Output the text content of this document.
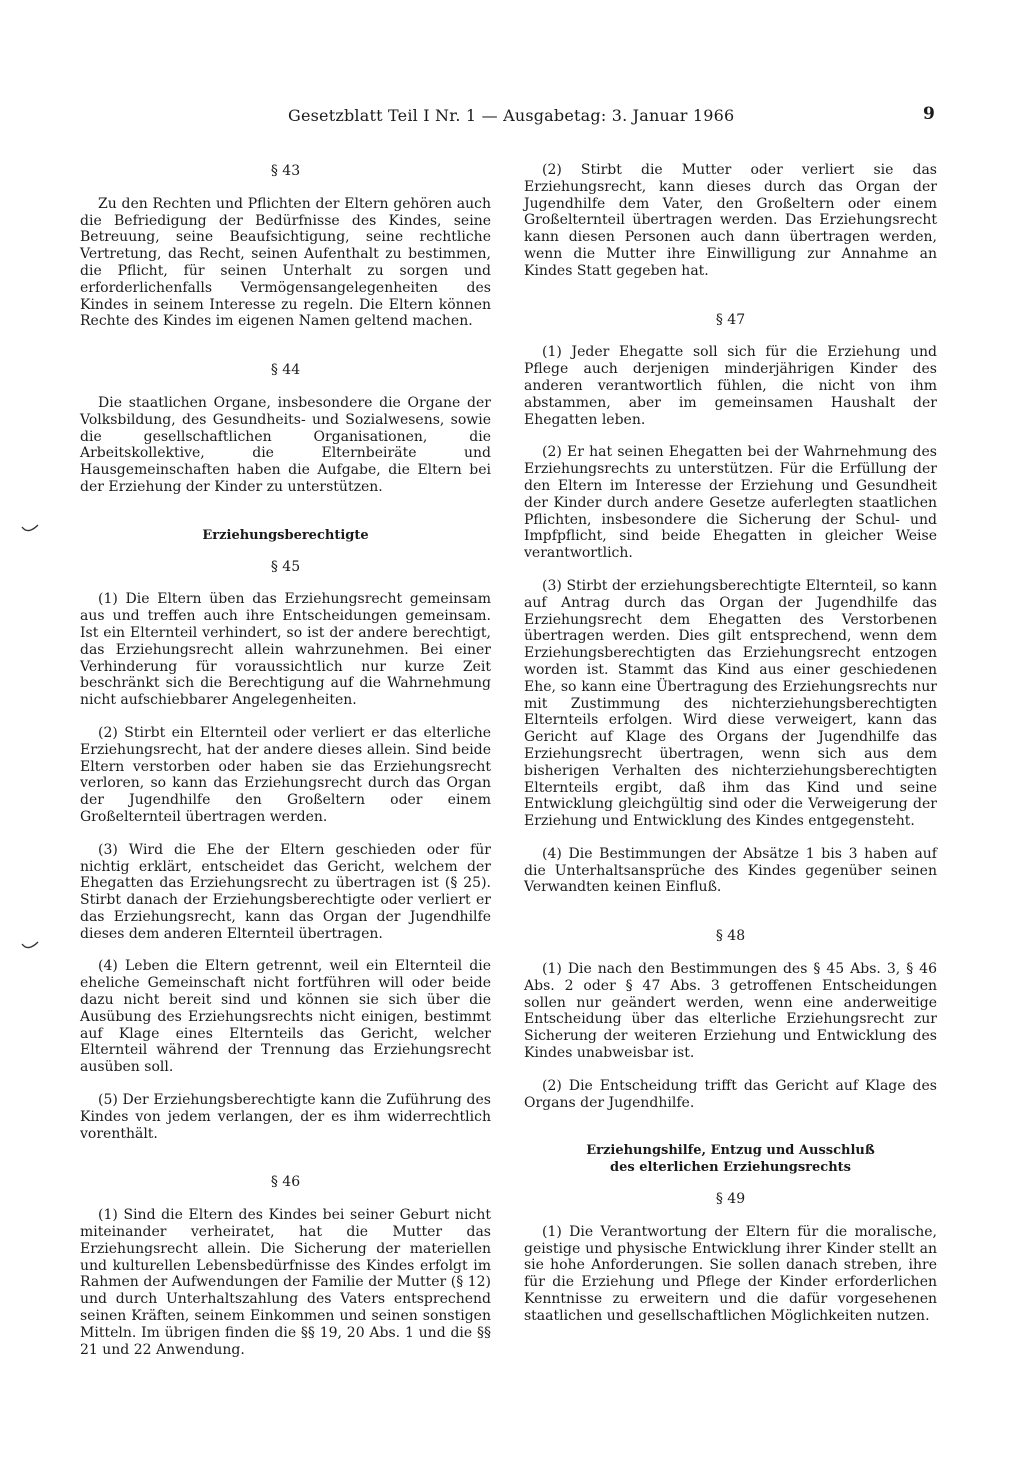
Gesetzblatt Teil I Nr. 1 — Ausgabetag: 3. Januar 1966	9
§ 43

Zu den Rechten und Pflichten der Eltern gehören auch die Befriedigung der Bedürfnisse des Kindes, seine Betreuung, seine Beaufsichtigung, seine rechtliche Vertretung, das Recht, seinen Aufenthalt zu bestimmen, die Pflicht, für seinen Unterhalt zu sorgen und erforderlichenfalls Vermögensangelegenheiten des Kindes in seinem Interesse zu regeln. Die Eltern können Rechte des Kindes im eigenen Namen geltend machen.

§ 44

Die staatlichen Organe, insbesondere die Organe der Volksbildung, des Gesundheits- und Sozialwesens, sowie die gesellschaftlichen Organisationen, die Arbeitskollektive, die Elternbeiräte und Hausgemeinschaften haben die Aufgabe, die Eltern bei der Erziehung der Kinder zu unterstützen.

Erziehungsberechtigte
§ 45

(1) Die Eltern üben das Erziehungsrecht gemeinsam aus und treffen auch ihre Entscheidungen gemeinsam. Ist ein Elternteil verhindert, so ist der andere berechtigt, das Erziehungsrecht allein wahrzunehmen. Bei einer Verhinderung für voraussichtlich nur kurze Zeit beschränkt sich die Berechtigung auf die Wahrnehmung nicht aufschiebbarer Angelegenheiten.

(2) Stirbt ein Elternteil oder verliert er das elterliche Erziehungsrecht, hat der andere dieses allein. Sind beide Eltern verstorben oder haben sie das Erziehungsrecht verloren, so kann das Erziehungsrecht durch das Organ der Jugendhilfe den Großeltern oder einem Großelternteil übertragen werden.

(3) Wird die Ehe der Eltern geschieden oder für nichtig erklärt, entscheidet das Gericht, welchem der Ehegatten das Erziehungsrecht zu übertragen ist (§ 25). Stirbt danach der Erziehungsberechtigte oder verliert er das Erziehungsrecht, kann das Organ der Jugendhilfe dieses dem anderen Elternteil übertragen.

(4) Leben die Eltern getrennt, weil ein Elternteil die eheliche Gemeinschaft nicht fortführen will oder beide dazu nicht bereit sind und können sie sich über die Ausübung des Erziehungsrechts nicht einigen, bestimmt auf Klage eines Elternteils das Gericht, welcher Elternteil während der Trennung das Erziehungsrecht ausüben soll.

(5) Der Erziehungsberechtigte kann die Zuführung des Kindes von jedem verlangen, der es ihm widerrechtlich vorenthält.

§ 46

(1) Sind die Eltern des Kindes bei seiner Geburt nicht miteinander verheiratet, hat die Mutter das Erziehungsrecht allein. Die Sicherung der materiellen und kulturellen Lebensbedürfnisse des Kindes erfolgt im Rahmen der Aufwendungen der Familie der Mutter (§ 12) und durch Unterhaltszahlung des Vaters entsprechend seinen Kräften, seinem Einkommen und seinen sonstigen Mitteln. Im übrigen finden die §§ 19, 20 Abs. 1 und die §§ 21 und 22 Anwendung.

(2) Stirbt die Mutter oder verliert sie das Erziehungsrecht, kann dieses durch das Organ der Jugendhilfe dem Vater, den Großeltern oder einem Großelternteil übertragen werden. Das Erziehungsrecht kann diesen Personen auch dann übertragen werden, wenn die Mutter ihre Einwilligung zur Annahme an Kindes Statt gegeben hat.

§ 47

(1) Jeder Ehegatte soll sich für die Erziehung und Pflege auch derjenigen minderjährigen Kinder des anderen verantwortlich fühlen, die nicht von ihm abstammen, aber im gemeinsamen Haushalt der Ehegatten leben.

(2) Er hat seinen Ehegatten bei der Wahrnehmung des Erziehungsrechts zu unterstützen. Für die Erfüllung der den Eltern im Interesse der Erziehung und Gesundheit der Kinder durch andere Gesetze auferlegten staatlichen Pflichten, insbesondere die Sicherung der Schul- und Impfpflicht, sind beide Ehegatten in gleicher Weise verantwortlich.

(3) Stirbt der erziehungsberechtigte Elternteil, so kann auf Antrag durch das Organ der Jugendhilfe das Erziehungsrecht dem Ehegatten des Verstorbenen übertragen werden. Dies gilt entsprechend, wenn dem Erziehungsberechtigten das Erziehungsrecht entzogen worden ist. Stammt das Kind aus einer geschiedenen Ehe, so kann eine Übertragung des Erziehungsrechts nur mit Zustimmung des nichterziehungsberechtigten Elternteils erfolgen. Wird diese verweigert, kann das Gericht auf Klage des Organs der Jugendhilfe das Erziehungsrecht übertragen, wenn sich aus dem bisherigen Verhalten des nichterziehungsberechtigten Elternteils ergibt, daß ihm das Kind und seine Entwicklung gleichgültig sind oder die Verweigerung der Erziehung und Entwicklung des Kindes entgegensteht.

(4) Die Bestimmungen der Absätze 1 bis 3 haben auf die Unterhaltsansprüche des Kindes gegenüber seinen Verwandten keinen Einfluß.

§ 48

(1) Die nach den Bestimmungen des § 45 Abs. 3, § 46 Abs. 2 oder § 47 Abs. 3 getroffenen Entscheidungen sollen nur geändert werden, wenn eine anderweitige Entscheidung über das elterliche Erziehungsrecht zur Sicherung der weiteren Erziehung und Entwicklung des Kindes unabweisbar ist.

(2) Die Entscheidung trifft das Gericht auf Klage des Organs der Jugendhilfe.

Erziehungshilfe, Entzug und Ausschluß
des elterlichen Erziehungsrechts
§ 49

(1) Die Verantwortung der Eltern für die moralische, geistige und physische Entwicklung ihrer Kinder stellt an sie hohe Anforderungen. Sie sollen danach streben, ihre für die Erziehung und Pflege der Kinder erforderlichen Kenntnisse zu erweitern und die dafür vorgesehenen staatlichen und gesellschaftlichen Möglichkeiten nutzen.
